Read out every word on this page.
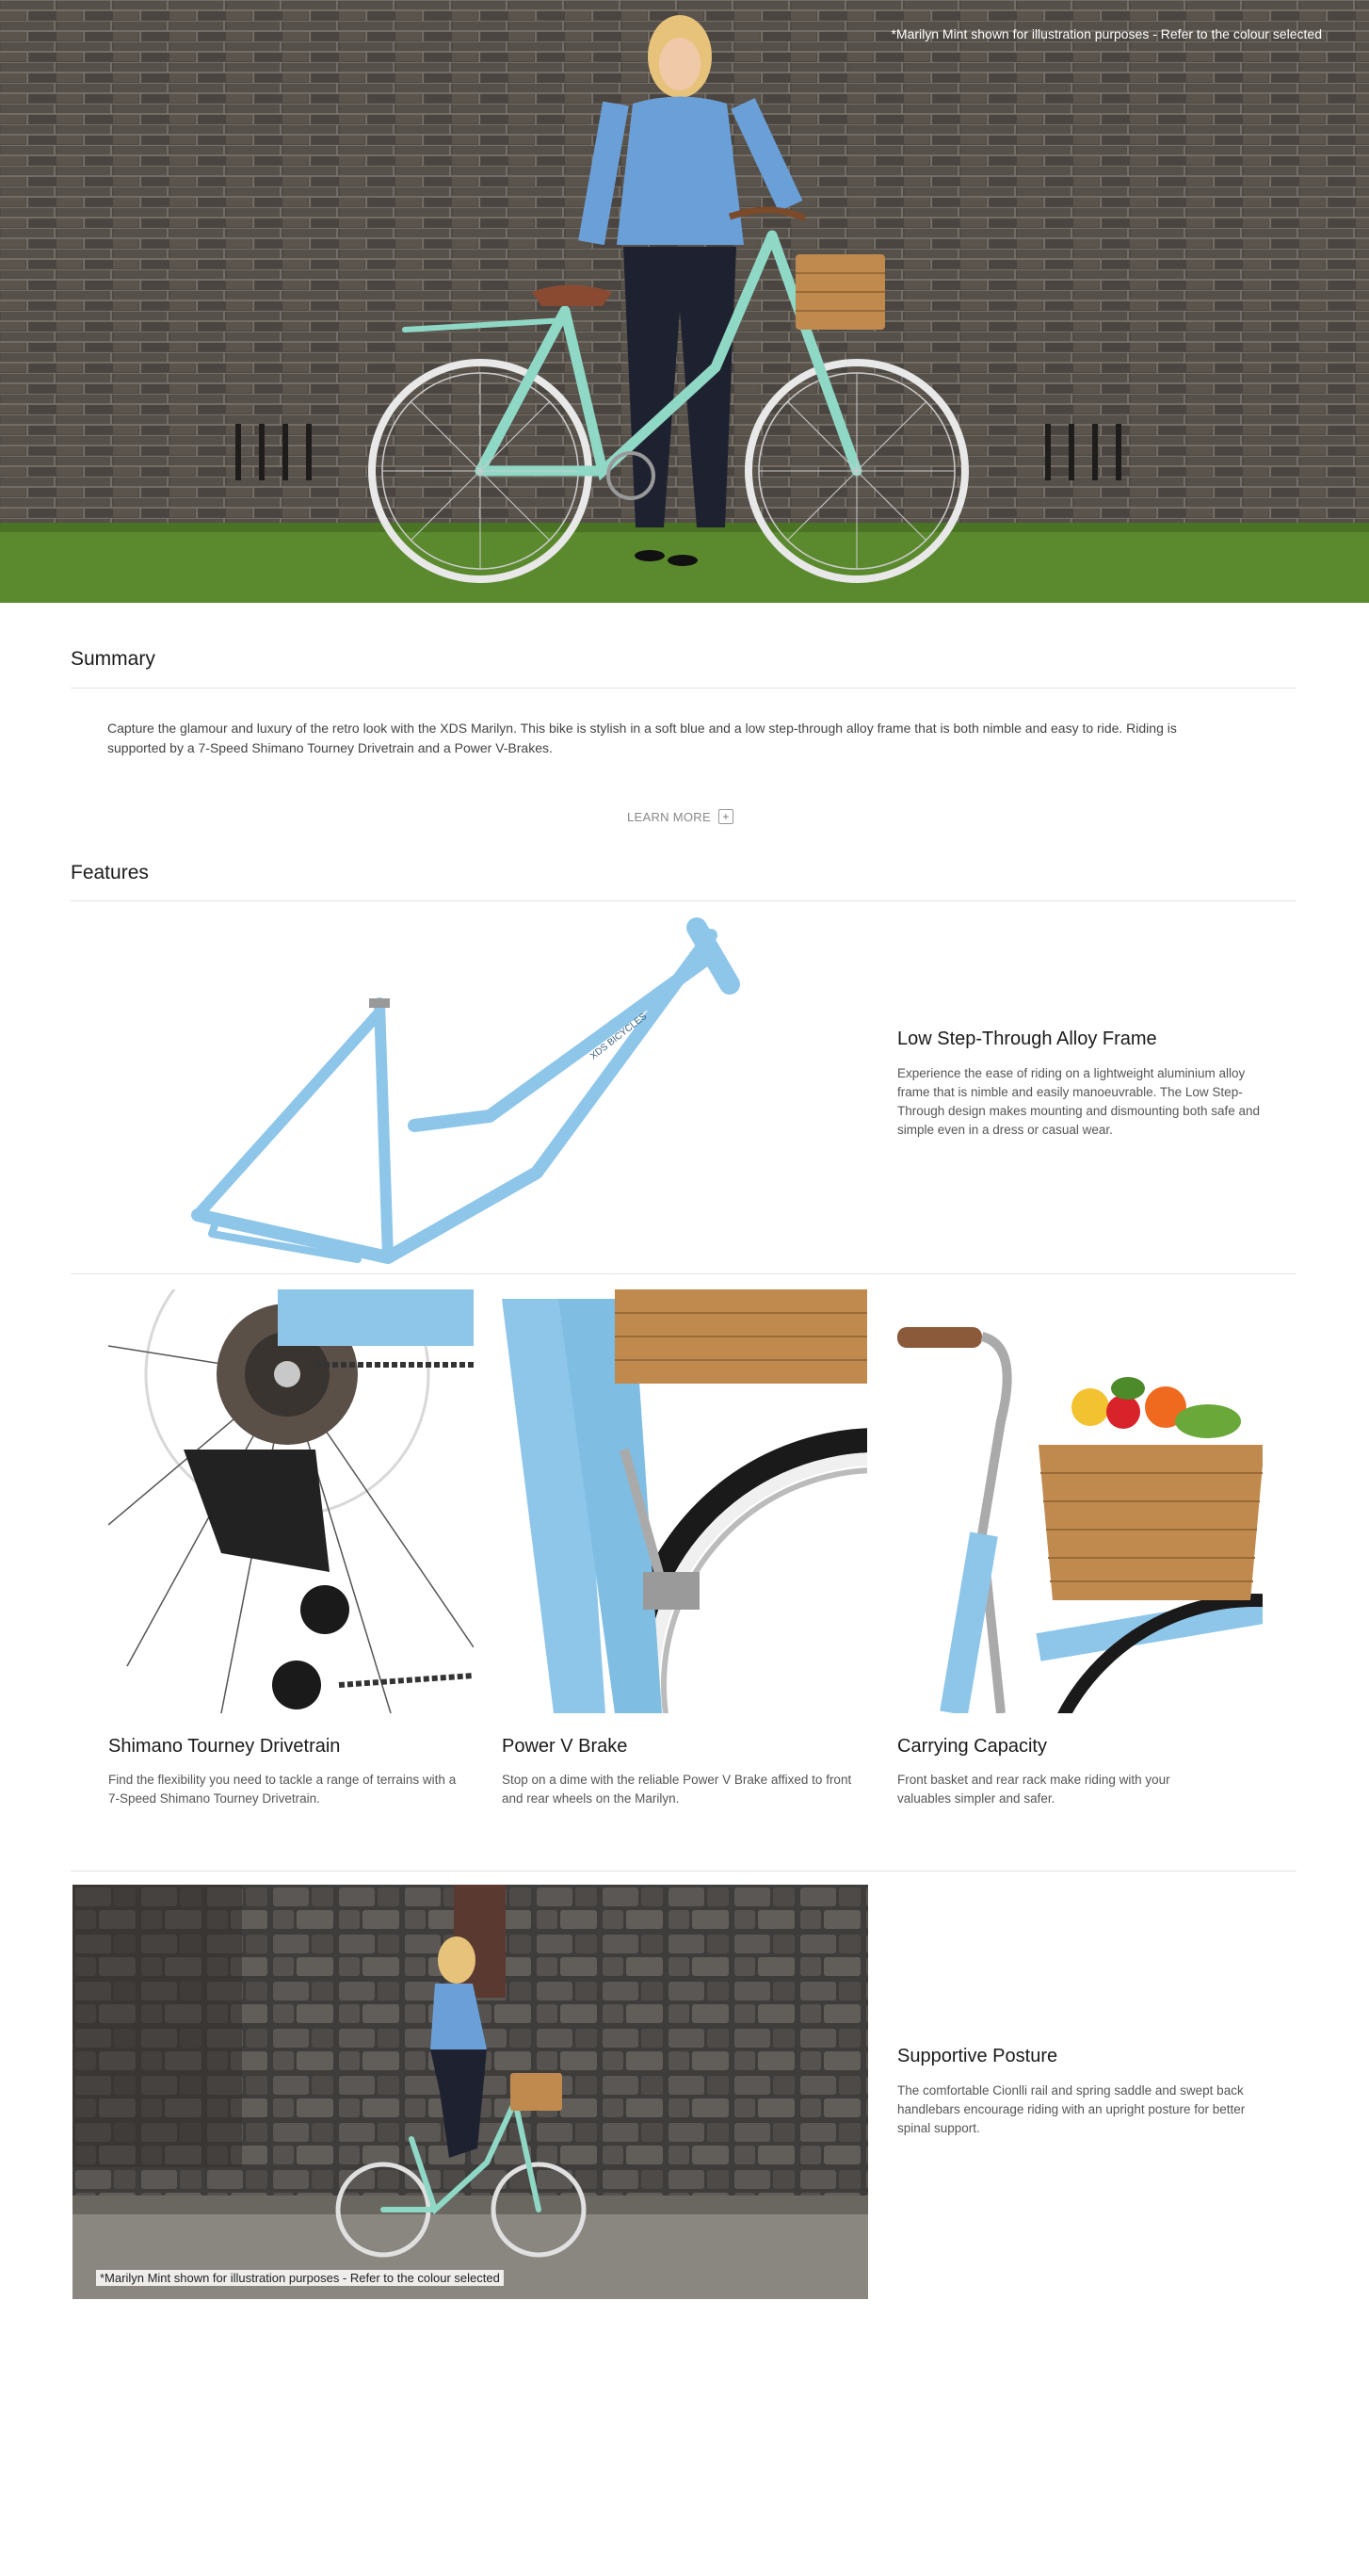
*Marilyn Mint shown for illustration purposes - Refer to the colour selected
Summary

Capture the glamour and luxury of the retro look with the XDS Marilyn. This bike is stylish in a soft blue and a low step-through alloy frame that is both nimble and easy to ride. Riding is supported by a 7-Speed Shimano Tourney Drivetrain and a Power V-Brakes.

LEARN MORE	+
Features
XDS BICYCLES	Low Step-Through Alloy Frame
Experience the ease of riding on a lightweight aluminium alloy frame that is nimble and easily manoeuvrable. The Low Step-Through design makes mounting and dismounting both safe and simple even in a dress or casual wear.
Shimano Tourney Drivetrain
Find the flexibility you need to tackle a range of terrains with a 7-Speed Shimano Tourney Drivetrain.
Power V Brake
Stop on a dime with the reliable Power V Brake affixed to front and rear wheels on the Marilyn.
Carrying Capacity
Front basket and rear rack make riding with your valuables simpler and safer.
*Marilyn Mint shown for illustration purposes - Refer to the colour selected
Supportive Posture
The comfortable Cionlli rail and spring saddle and swept back handlebars encourage riding with an upright posture for better spinal support.
